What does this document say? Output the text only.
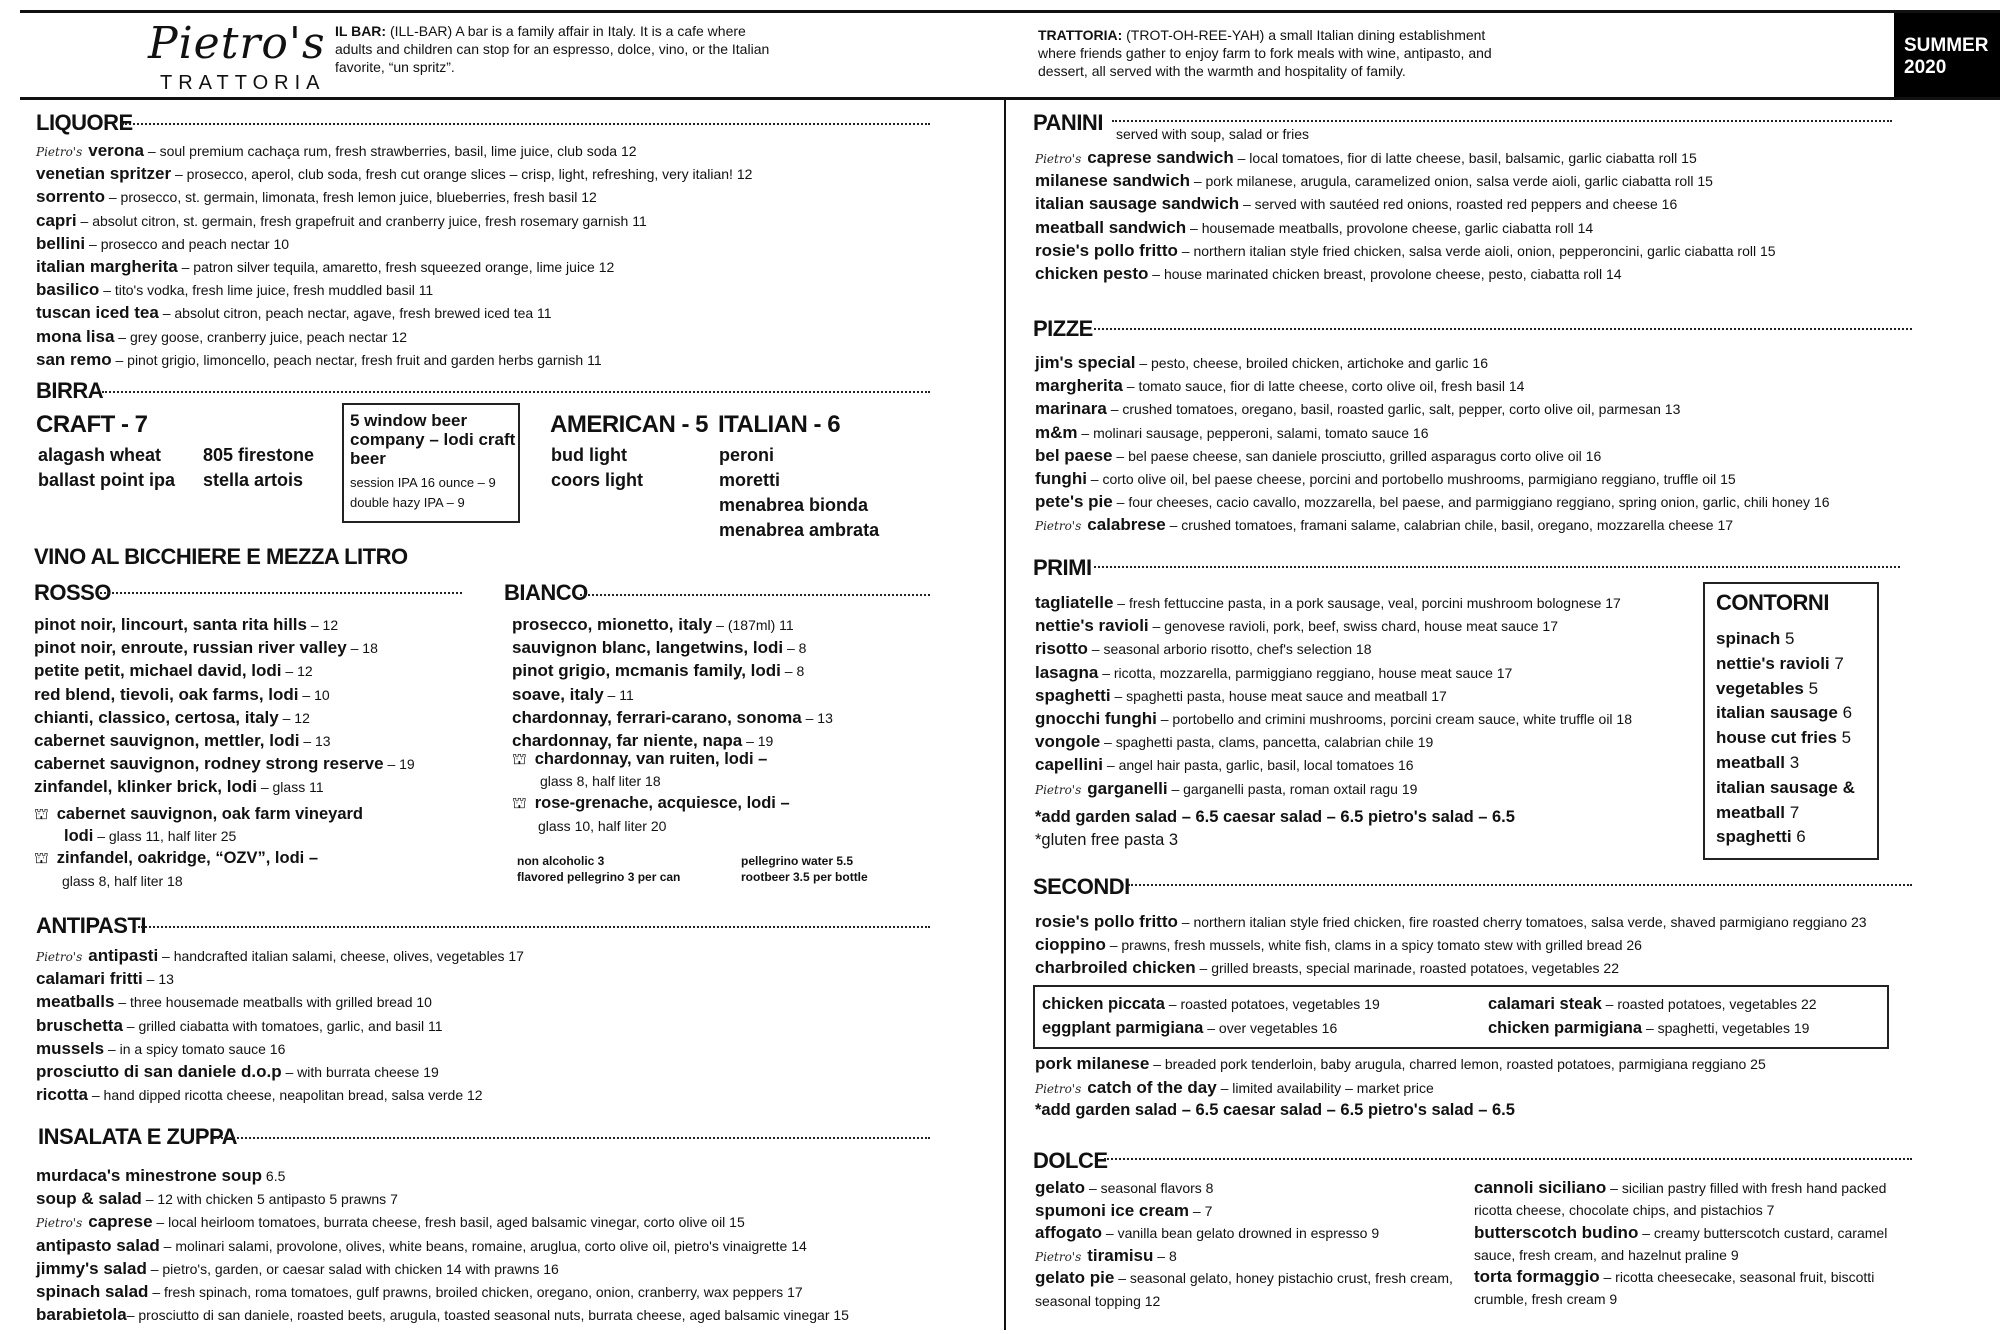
Pietro's
TRATTORIA
IL BAR: (ILL-BAR) A bar is a family affair in Italy. It is a cafe where adults and children can stop for an espresso, dolce, vino, or the Italian favorite, “un spritz”.
TRATTORIA: (TROT-OH-REE-YAH) a small Italian dining establishment where friends gather to enjoy farm to fork meals with wine, antipasto, and dessert, all served with the warmth and hospitality of family.
SUMMER
2020
LIQUORE
Pietro's verona – soul premium cachaça rum, fresh strawberries, basil, lime juice, club soda 12
venetian spritzer – prosecco, aperol, club soda, fresh cut orange slices – crisp, light, refreshing, very italian! 12
sorrento – prosecco, st. germain, limonata, fresh lemon juice, blueberries, fresh basil 12
capri – absolut citron, st. germain, fresh grapefruit and cranberry juice, fresh rosemary garnish 11
bellini – prosecco and peach nectar 10
italian margherita – patron silver tequila, amaretto, fresh squeezed orange, lime juice 12
basilico – tito's vodka, fresh lime juice, fresh muddled basil 11
tuscan iced tea – absolut citron, peach nectar, agave, fresh brewed iced tea 11
mona lisa – grey goose, cranberry juice, peach nectar 12
san remo – pinot grigio, limoncello, peach nectar, fresh fruit and garden herbs garnish 11
BIRRA
CRAFT - 7
alagash wheat
ballast point ipa
805 firestone
stella artois
5 window beer company – lodi craft beer
session IPA 16 ounce – 9
double hazy IPA – 9
AMERICAN - 5
bud light
coors light
ITALIAN - 6
peroni
moretti
menabrea bionda
menabrea ambrata
VINO AL BICCHIERE E MEZZA LITRO
ROSSO
pinot noir, lincourt, santa rita hills – 12
pinot noir, enroute, russian river valley – 18
petite petit, michael david, lodi – 12
red blend, tievoli, oak farms, lodi – 10
chianti, classico, certosa, italy – 12
cabernet sauvignon, mettler, lodi – 13
cabernet sauvignon, rodney strong reserve – 19
zinfandel, klinker brick, lodi – glass 11
⛫ cabernet sauvignon, oak farm vineyard
lodi – glass 11, half liter 25
⛫ zinfandel, oakridge, “OZV”, lodi –
glass 8, half liter 18
BIANCO
prosecco, mionetto, italy – (187ml) 11
sauvignon blanc, langetwins, lodi – 8
pinot grigio, mcmanis family, lodi – 8
soave, italy – 11
chardonnay, ferrari-carano, sonoma – 13
chardonnay, far niente, napa – 19
⛫ chardonnay, van ruiten, lodi –
glass 8, half liter 18
⛫ rose-grenache, acquiesce, lodi –
glass 10, half liter 20
non alcoholic 3
flavored pellegrino 3 per can
pellegrino water 5.5
rootbeer 3.5 per bottle
ANTIPASTI
Pietro's antipasti – handcrafted italian salami, cheese, olives, vegetables 17
calamari fritti – 13
meatballs – three housemade meatballs with grilled bread 10
bruschetta – grilled ciabatta with tomatoes, garlic, and basil 11
mussels – in a spicy tomato sauce 16
prosciutto di san daniele d.o.p – with burrata cheese 19
ricotta – hand dipped ricotta cheese, neapolitan bread, salsa verde 12
INSALATA E ZUPPA
murdaca's minestrone soup 6.5
soup & salad – 12 with chicken 5 antipasto 5 prawns 7
Pietro's caprese – local heirloom tomatoes, burrata cheese, fresh basil, aged balsamic vinegar, corto olive oil 15
antipasto salad – molinari salami, provolone, olives, white beans, romaine, aruglua, corto olive oil, pietro's vinaigrette 14
jimmy's salad – pietro's, garden, or caesar salad with chicken 14 with prawns 16
spinach salad – fresh spinach, roma tomatoes, gulf prawns, broiled chicken, oregano, onion, cranberry, wax peppers 17
barabietola– prosciutto di san daniele, roasted beets, arugula, toasted seasonal nuts, burrata cheese, aged balsamic vinegar 15
PANINI served with soup, salad or fries
Pietro's caprese sandwich – local tomatoes, fior di latte cheese, basil, balsamic, garlic ciabatta roll 15
milanese sandwich – pork milanese, arugula, caramelized onion, salsa verde aioli, garlic ciabatta roll 15
italian sausage sandwich – served with sautéed red onions, roasted red peppers and cheese 16
meatball sandwich – housemade meatballs, provolone cheese, garlic ciabatta roll 14
rosie's pollo fritto – northern italian style fried chicken, salsa verde aioli, onion, pepperoncini, garlic ciabatta roll 15
chicken pesto – house marinated chicken breast, provolone cheese, pesto, ciabatta roll 14
PIZZE
jim's special – pesto, cheese, broiled chicken, artichoke and garlic 16
margherita – tomato sauce, fior di latte cheese, corto olive oil, fresh basil 14
marinara – crushed tomatoes, oregano, basil, roasted garlic, salt, pepper, corto olive oil, parmesan 13
m&m – molinari sausage, pepperoni, salami, tomato sauce 16
bel paese – bel paese cheese, san daniele prosciutto, grilled asparagus corto olive oil 16
funghi – corto olive oil, bel paese cheese, porcini and portobello mushrooms, parmigiano reggiano, truffle oil 15
pete's pie – four cheeses, cacio cavallo, mozzarella, bel paese, and parmiggiano reggiano, spring onion, garlic, chili honey 16
Pietro's calabrese – crushed tomatoes, framani salame, calabrian chile, basil, oregano, mozzarella cheese 17
PRIMI
tagliatelle – fresh fettuccine pasta, in a pork sausage, veal, porcini mushroom bolognese 17
nettie's ravioli – genovese ravioli, pork, beef, swiss chard, house meat sauce 17
risotto – seasonal arborio risotto, chef's selection 18
lasagna – ricotta, mozzarella, parmiggiano reggiano, house meat sauce 17
spaghetti – spaghetti pasta, house meat sauce and meatball 17
gnocchi funghi – portobello and crimini mushrooms, porcini cream sauce, white truffle oil 18
vongole – spaghetti pasta, clams, pancetta, calabrian chile 19
capellini – angel hair pasta, garlic, basil, local tomatoes 16
Pietro's garganelli – garganelli pasta, roman oxtail ragu 19
*add garden salad – 6.5 caesar salad – 6.5 pietro's salad – 6.5
*gluten free pasta 3
CONTORNI
spinach 5
nettie's ravioli 7
vegetables 5
italian sausage 6
house cut fries 5
meatball 3
italian sausage &
meatball 7
spaghetti 6
SECONDI
rosie's pollo fritto – northern italian style fried chicken, fire roasted cherry tomatoes, salsa verde, shaved parmigiano reggiano 23
cioppino – prawns, fresh mussels, white fish, clams in a spicy tomato stew with grilled bread 26
charbroiled chicken – grilled breasts, special marinade, roasted potatoes, vegetables 22
chicken piccata – roasted potatoes, vegetables 19
eggplant parmigiana – over vegetables 16
calamari steak – roasted potatoes, vegetables 22
chicken parmigiana – spaghetti, vegetables 19
pork milanese – breaded pork tenderloin, baby arugula, charred lemon, roasted potatoes, parmigiana reggiano 25
Pietro's catch of the day – limited availability – market price
*add garden salad – 6.5 caesar salad – 6.5 pietro's salad – 6.5
DOLCE
gelato – seasonal flavors 8
spumoni ice cream – 7
affogato – vanilla bean gelato drowned in espresso 9
Pietro's tiramisu – 8
gelato pie – seasonal gelato, honey pistachio crust, fresh cream,
seasonal topping 12
cannoli siciliano – sicilian pastry filled with fresh hand packed
ricotta cheese, chocolate chips, and pistachios 7
butterscotch budino – creamy butterscotch custard, caramel
sauce, fresh cream, and hazelnut praline 9
torta formaggio – ricotta cheesecake, seasonal fruit, biscotti
crumble, fresh cream 9
